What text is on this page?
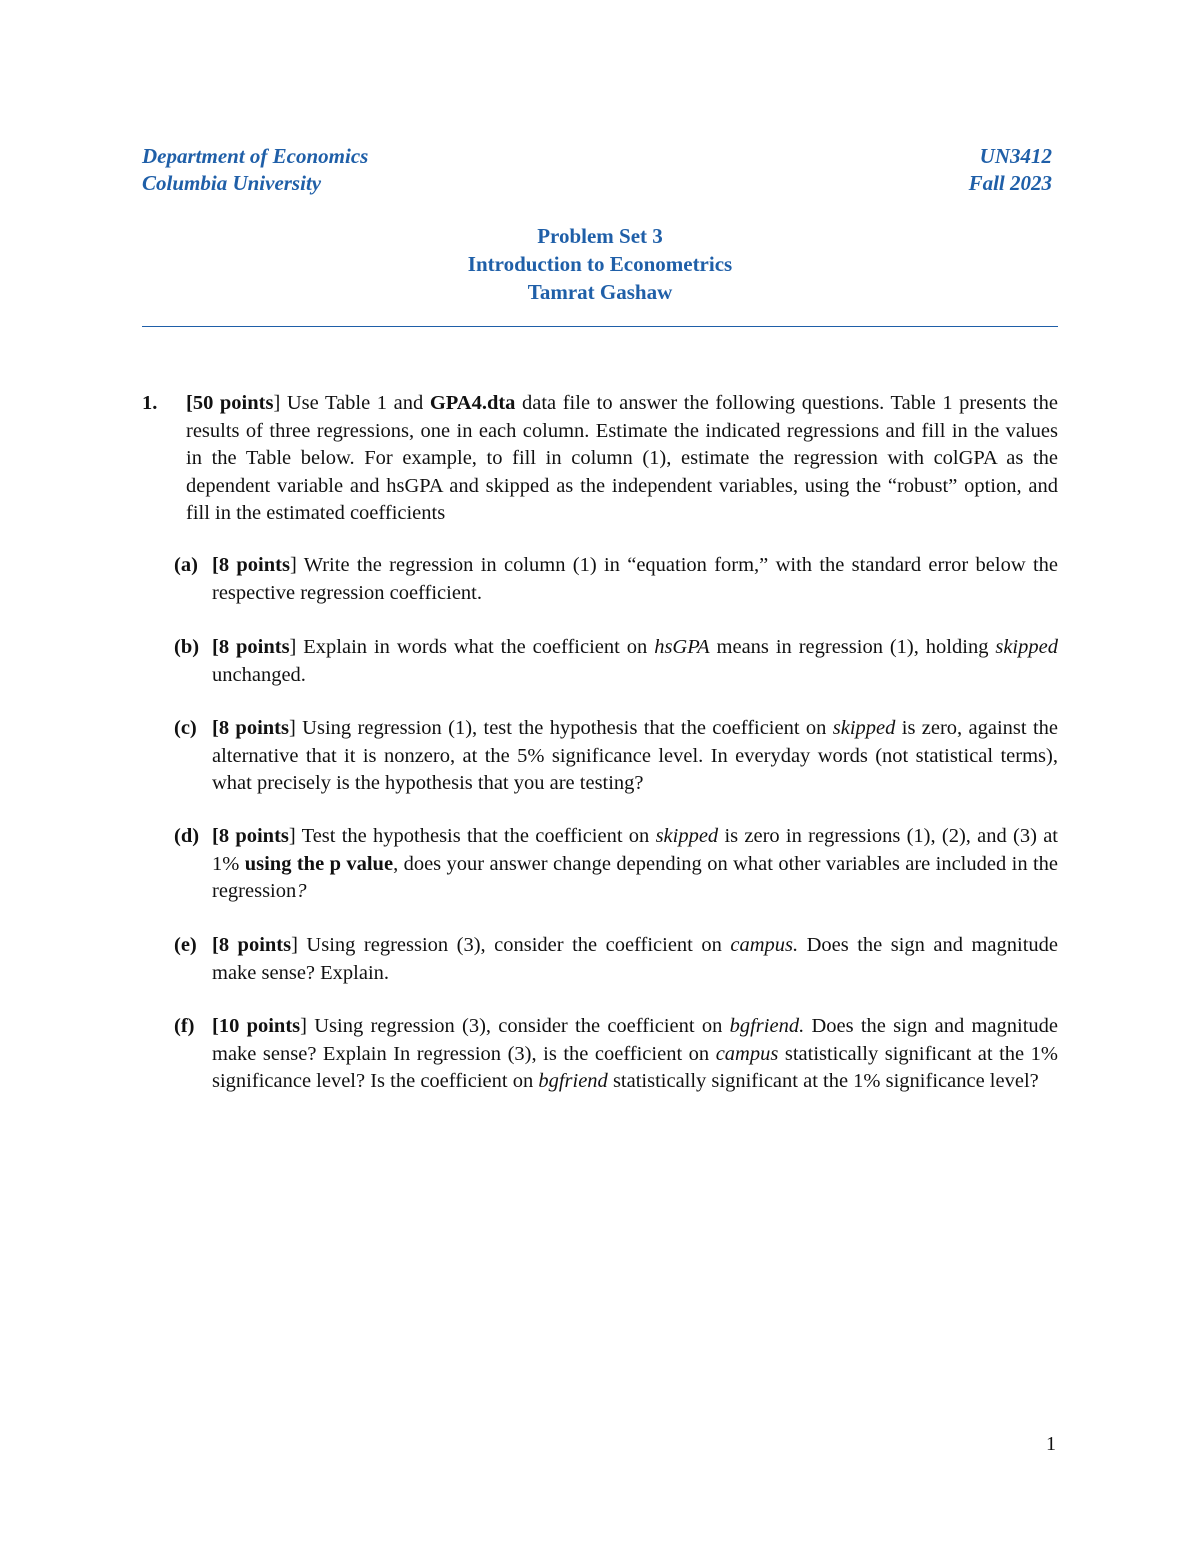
Department of Economics
Columbia University
UN3412
Fall 2023
Problem Set 3
Introduction to Econometrics
Tamrat Gashaw
1. [50 points] Use Table 1 and GPA4.dta data file to answer the following questions. Table 1 presents the results of three regressions, one in each column. Estimate the indicated regressions and fill in the values in the Table below. For example, to fill in column (1), estimate the regression with colGPA as the dependent variable and hsGPA and skipped as the independent variables, using the “robust” option, and fill in the estimated coefficients
(a) [8 points] Write the regression in column (1) in “equation form,” with the standard error below the respective regression coefficient.
(b) [8 points] Explain in words what the coefficient on hsGPA means in regression (1), holding skipped unchanged.
(c) [8 points] Using regression (1), test the hypothesis that the coefficient on skipped is zero, against the alternative that it is nonzero, at the 5% significance level. In everyday words (not statistical terms), what precisely is the hypothesis that you are testing?
(d) [8 points] Test the hypothesis that the coefficient on skipped is zero in regressions (1), (2), and (3) at 1% using the p value, does your answer change depending on what other variables are included in the regression?
(e) [8 points] Using regression (3), consider the coefficient on campus. Does the sign and magnitude make sense? Explain.
(f) [10 points] Using regression (3), consider the coefficient on bgfriend. Does the sign and magnitude make sense? Explain In regression (3), is the coefficient on campus statistically significant at the 1% significance level? Is the coefficient on bgfriend statistically significant at the 1% significance level?
1
